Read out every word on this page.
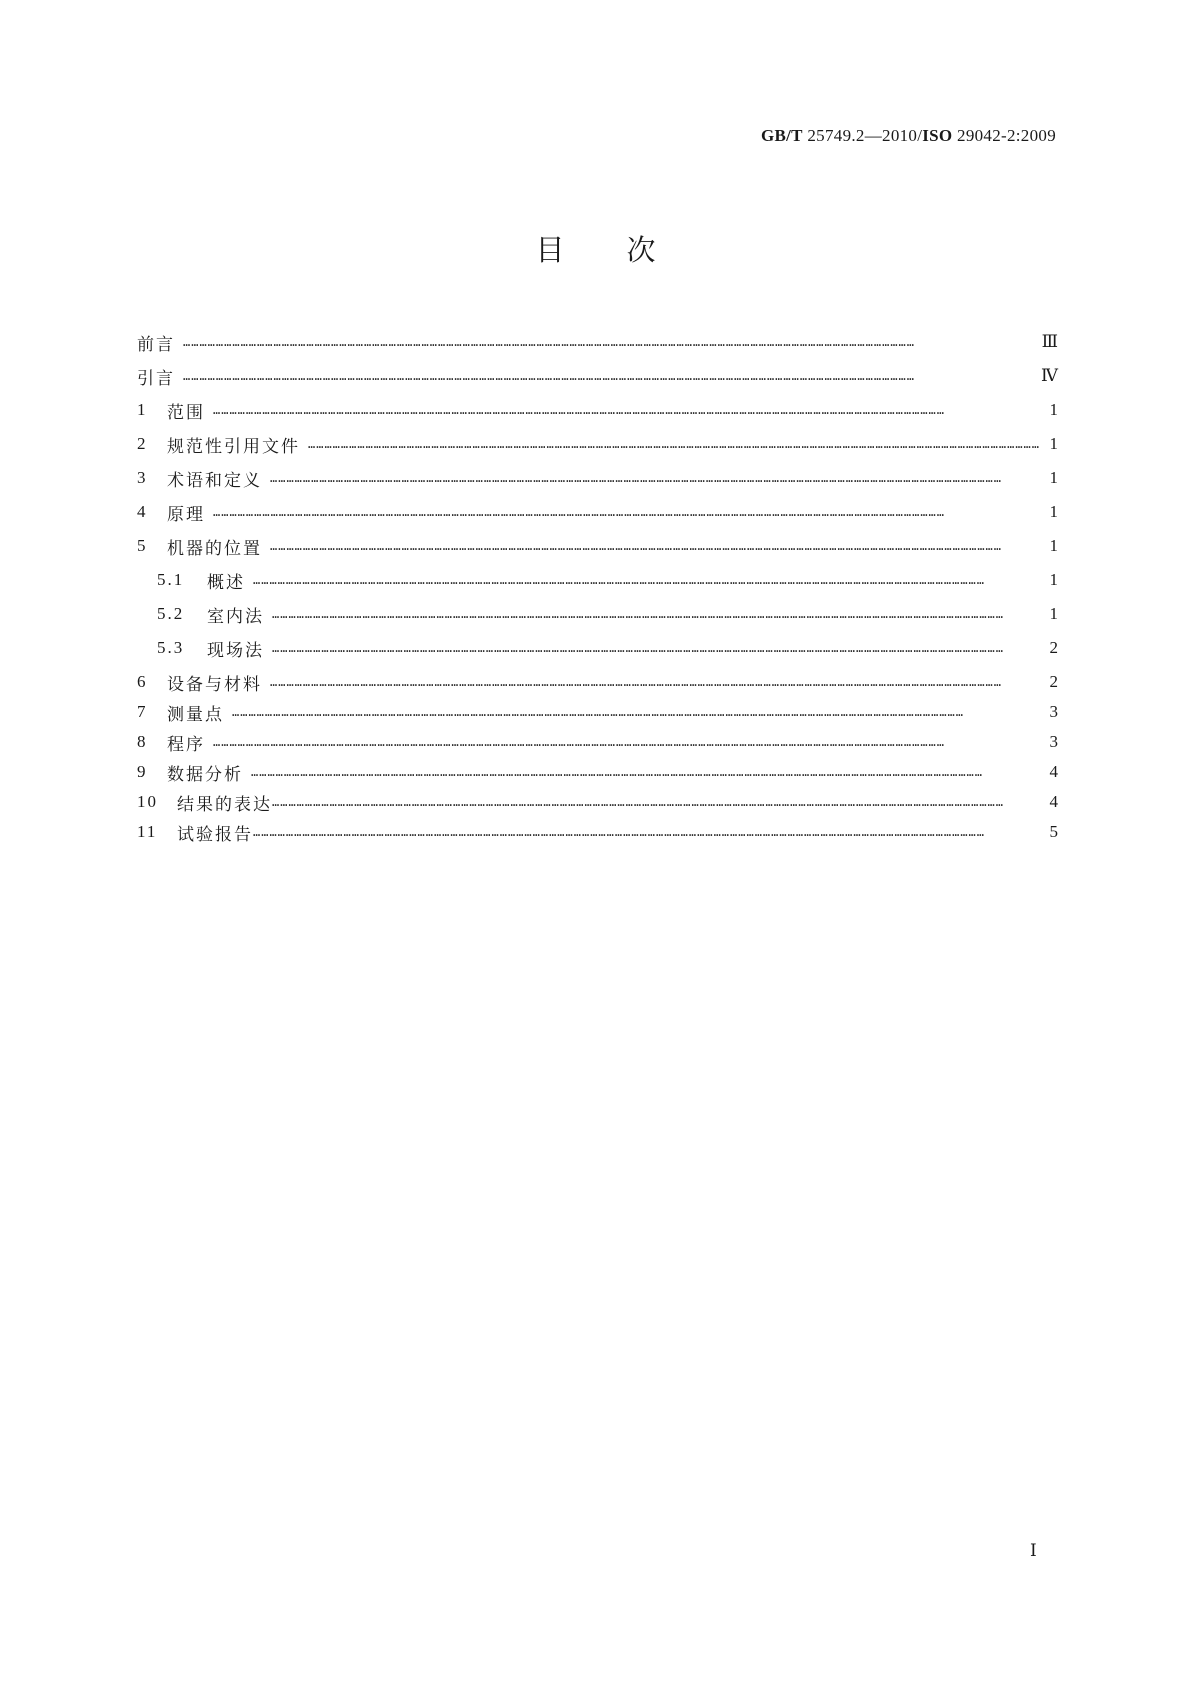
GB/T 25749.2—2010/ISO 29042-2:2009
目次
前言 ……………………………………………………………………………………………………………………………………………………………………………………………………………………………………………	Ⅲ
引言 ……………………………………………………………………………………………………………………………………………………………………………………………………………………………………………	Ⅳ
1	范围 ……………………………………………………………………………………………………………………………………………………………………………………………………………………………………………	1
2	规范性引用文件 ……………………………………………………………………………………………………………………………………………………………………………………………………………………………………………	1
3	术语和定义 ……………………………………………………………………………………………………………………………………………………………………………………………………………………………………………	1
4	原理 ……………………………………………………………………………………………………………………………………………………………………………………………………………………………………………	1
5	机器的位置 ……………………………………………………………………………………………………………………………………………………………………………………………………………………………………………	1
5.1	概述 ……………………………………………………………………………………………………………………………………………………………………………………………………………………………………………	1
5.2	室内法 ……………………………………………………………………………………………………………………………………………………………………………………………………………………………………………	1
5.3	现场法 ……………………………………………………………………………………………………………………………………………………………………………………………………………………………………………	2
6	设备与材料 ……………………………………………………………………………………………………………………………………………………………………………………………………………………………………………	2
7	测量点 ……………………………………………………………………………………………………………………………………………………………………………………………………………………………………………	3
8	程序 ……………………………………………………………………………………………………………………………………………………………………………………………………………………………………………	3
9	数据分析 ……………………………………………………………………………………………………………………………………………………………………………………………………………………………………………	4
10	结果的表达 ……………………………………………………………………………………………………………………………………………………………………………………………………………………………………………	4
11	试验报告 ……………………………………………………………………………………………………………………………………………………………………………………………………………………………………………	5
Ⅰ
